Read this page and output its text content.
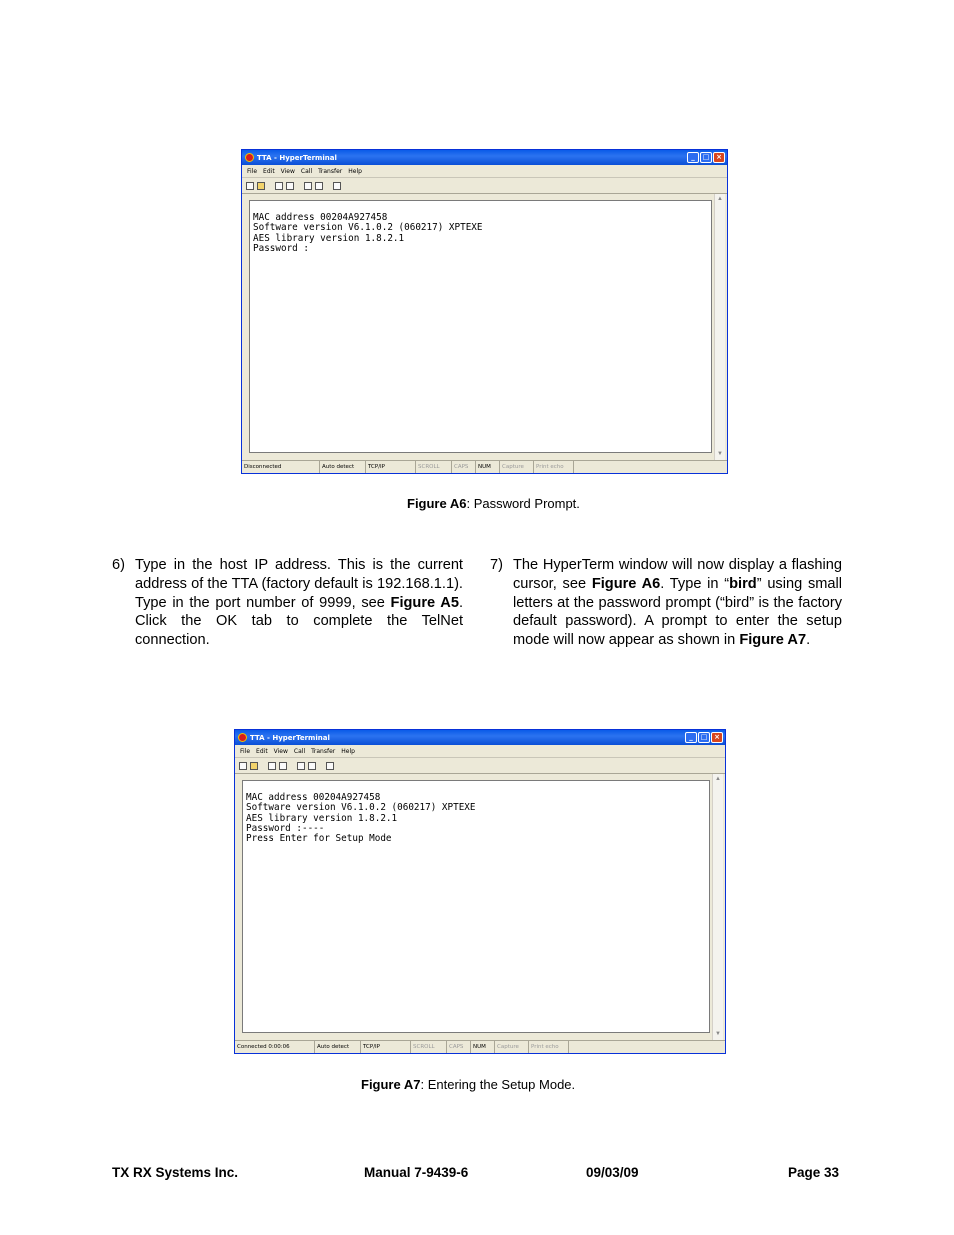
TTA - HyperTerminal	_	□ ×
File Edit View Call Transfer Help
MAC address 00204A927458
Software version V6.1.0.2 (060217) XPTEXE
AES library version 1.8.2.1
Password :
▲
▼
Disconnected	Auto detect	TCP/IP	SCROLL	CAPS	NUM	Capture	Print echo
Figure A6: Password Prompt.
6) Type in the host IP address. This is the current address of the TTA (factory default is 192.168.1.1). Type in the port number of 9999, see Figure A5. Click the OK tab to complete the TelNet connection.
7) The HyperTerm window will now display a flashing cursor, see Figure A6. Type in “bird” using small letters at the password prompt (“bird” is the factory default password). A prompt to enter the setup mode will now appear as shown in Figure A7.
TTA - HyperTerminal	_	□ ×
File Edit View Call Transfer Help
MAC address 00204A927458
Software version V6.1.0.2 (060217) XPTEXE
AES library version 1.8.2.1
Password :----
Press Enter for Setup Mode
▲
▼
Connected 0:00:06	Auto detect	TCP/IP	SCROLL	CAPS	NUM	Capture	Print echo
Figure A7: Entering the Setup Mode.
TX RX Systems Inc.	Manual 7-9439-6	09/03/09	Page 33
